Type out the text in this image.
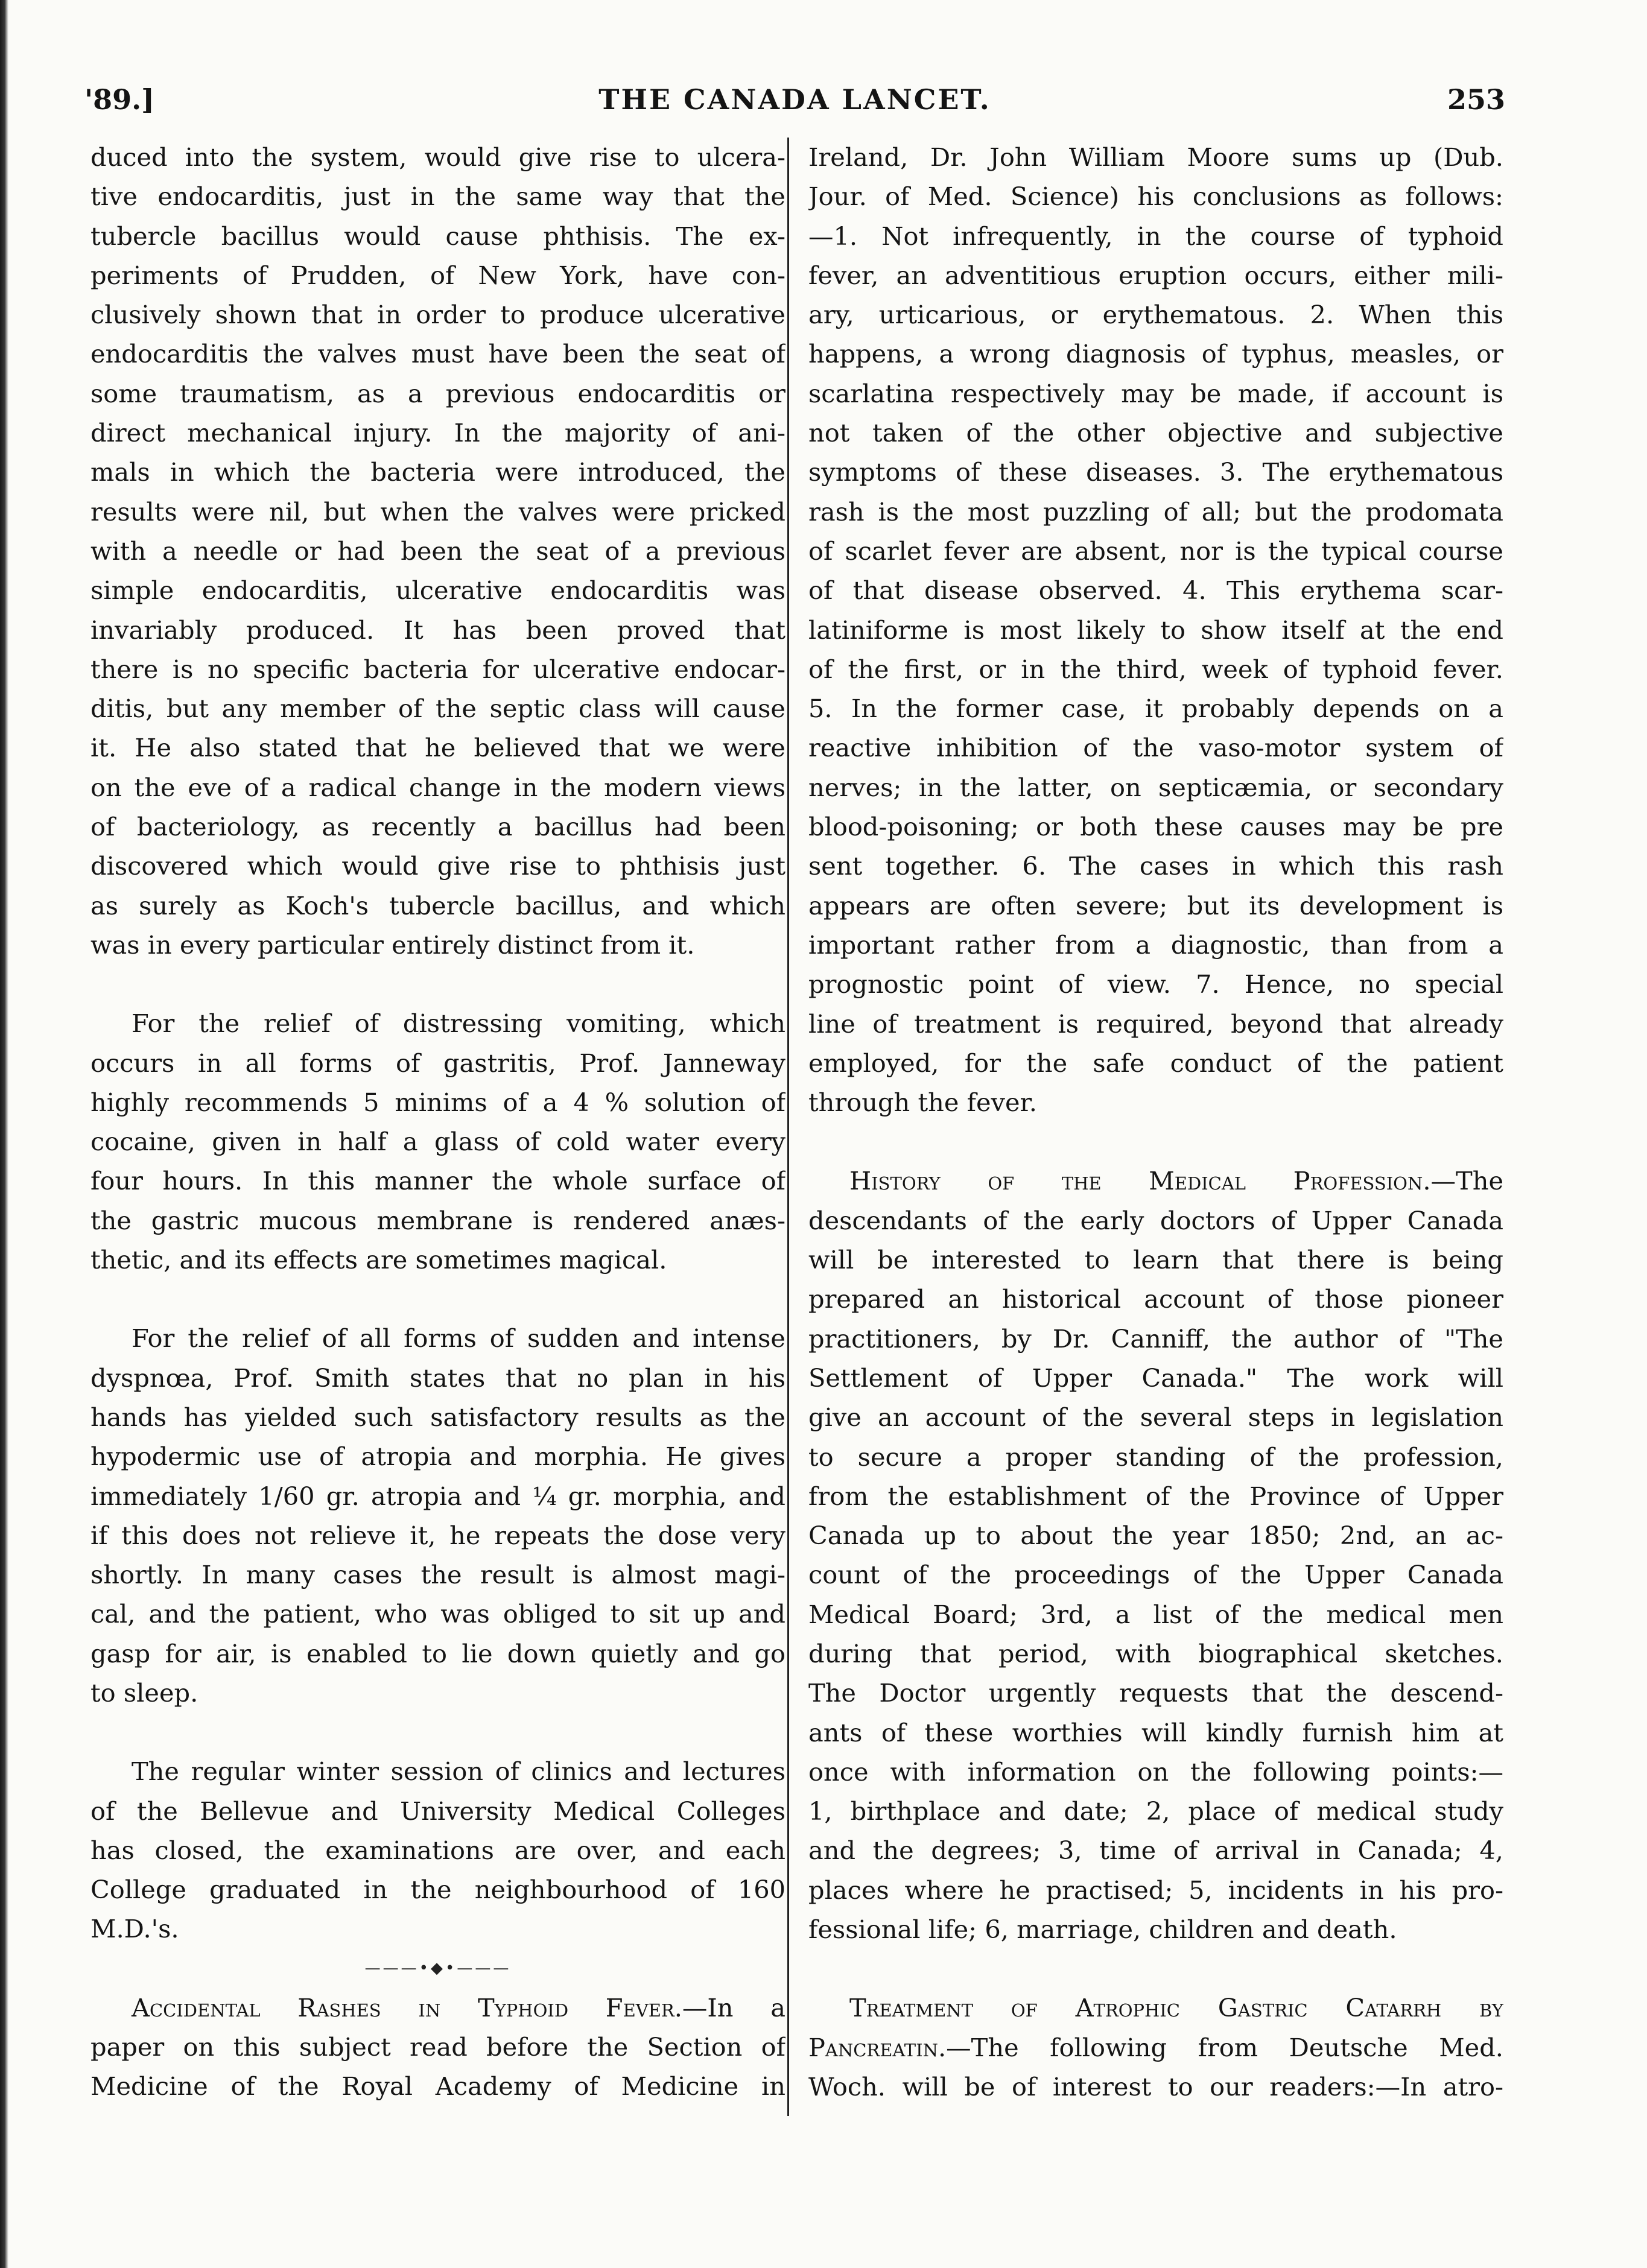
'89.]	THE CANADA LANCET.	253
duced into the system, would give rise to ulcera-
tive endocarditis, just in the same way that the
tubercle bacillus would cause phthisis. The ex-
periments of Prudden, of New York, have con-
clusively shown that in order to produce ulcerative
endocarditis the valves must have been the seat of
some traumatism, as a previous endocarditis or
direct mechanical injury. In the majority of ani-
mals in which the bacteria were introduced, the
results were nil, but when the valves were pricked
with a needle or had been the seat of a previous
simple endocarditis, ulcerative endocarditis was
invariably produced. It has been proved that
there is no specific bacteria for ulcerative endocar-
ditis, but any member of the septic class will cause
it. He also stated that he believed that we were
on the eve of a radical change in the modern views
of bacteriology, as recently a bacillus had been
discovered which would give rise to phthisis just
as surely as Koch's tubercle bacillus, and which
was in every particular entirely distinct from it.
For the relief of distressing vomiting, which
occurs in all forms of gastritis, Prof. Janneway
highly recommends 5 minims of a 4 % solution of
cocaine, given in half a glass of cold water every
four hours. In this manner the whole surface of
the gastric mucous membrane is rendered anæs-
thetic, and its effects are sometimes magical.
For the relief of all forms of sudden and intense
dyspnœa, Prof. Smith states that no plan in his
hands has yielded such satisfactory results as the
hypodermic use of atropia and morphia. He gives
immediately 1/60 gr. atropia and ¼ gr. morphia, and
if this does not relieve it, he repeats the dose very
shortly. In many cases the result is almost magi-
cal, and the patient, who was obliged to sit up and
gasp for air, is enabled to lie down quietly and go
to sleep.
The regular winter session of clinics and lectures
of the Bellevue and University Medical Colleges
has closed, the examinations are over, and each
College graduated in the neighbourhood of 160
M.D.'s.
———•◆•———
Accidental Rashes in Typhoid Fever.—In a
paper on this subject read before the Section of
Medicine of the Royal Academy of Medicine in
Ireland, Dr. John William Moore sums up (Dub.
Jour. of Med. Science) his conclusions as follows:
—1. Not infrequently, in the course of typhoid
fever, an adventitious eruption occurs, either mili-
ary, urticarious, or erythematous. 2. When this
happens, a wrong diagnosis of typhus, measles, or
scarlatina respectively may be made, if account is
not taken of the other objective and subjective
symptoms of these diseases. 3. The erythematous
rash is the most puzzling of all; but the prodomata
of scarlet fever are absent, nor is the typical course
of that disease observed. 4. This erythema scar-
latiniforme is most likely to show itself at the end
of the first, or in the third, week of typhoid fever.
5. In the former case, it probably depends on a
reactive inhibition of the vaso-motor system of
nerves; in the latter, on septicæmia, or secondary
blood-poisoning; or both these causes may be pre
sent together. 6. The cases in which this rash
appears are often severe; but its development is
important rather from a diagnostic, than from a
prognostic point of view. 7. Hence, no special
line of treatment is required, beyond that already
employed, for the safe conduct of the patient
through the fever.
History of the Medical Profession.—The
descendants of the early doctors of Upper Canada
will be interested to learn that there is being
prepared an historical account of those pioneer
practitioners, by Dr. Canniff, the author of "The
Settlement of Upper Canada." The work will
give an account of the several steps in legislation
to secure a proper standing of the profession,
from the establishment of the Province of Upper
Canada up to about the year 1850; 2nd, an ac-
count of the proceedings of the Upper Canada
Medical Board; 3rd, a list of the medical men
during that period, with biographical sketches.
The Doctor urgently requests that the descend-
ants of these worthies will kindly furnish him at
once with information on the following points:—
1, birthplace and date; 2, place of medical study
and the degrees; 3, time of arrival in Canada; 4,
places where he practised; 5, incidents in his pro-
fessional life; 6, marriage, children and death.
Treatment of Atrophic Gastric Catarrh by
Pancreatin.—The following from Deutsche Med.
Woch. will be of interest to our readers:—In atro-
